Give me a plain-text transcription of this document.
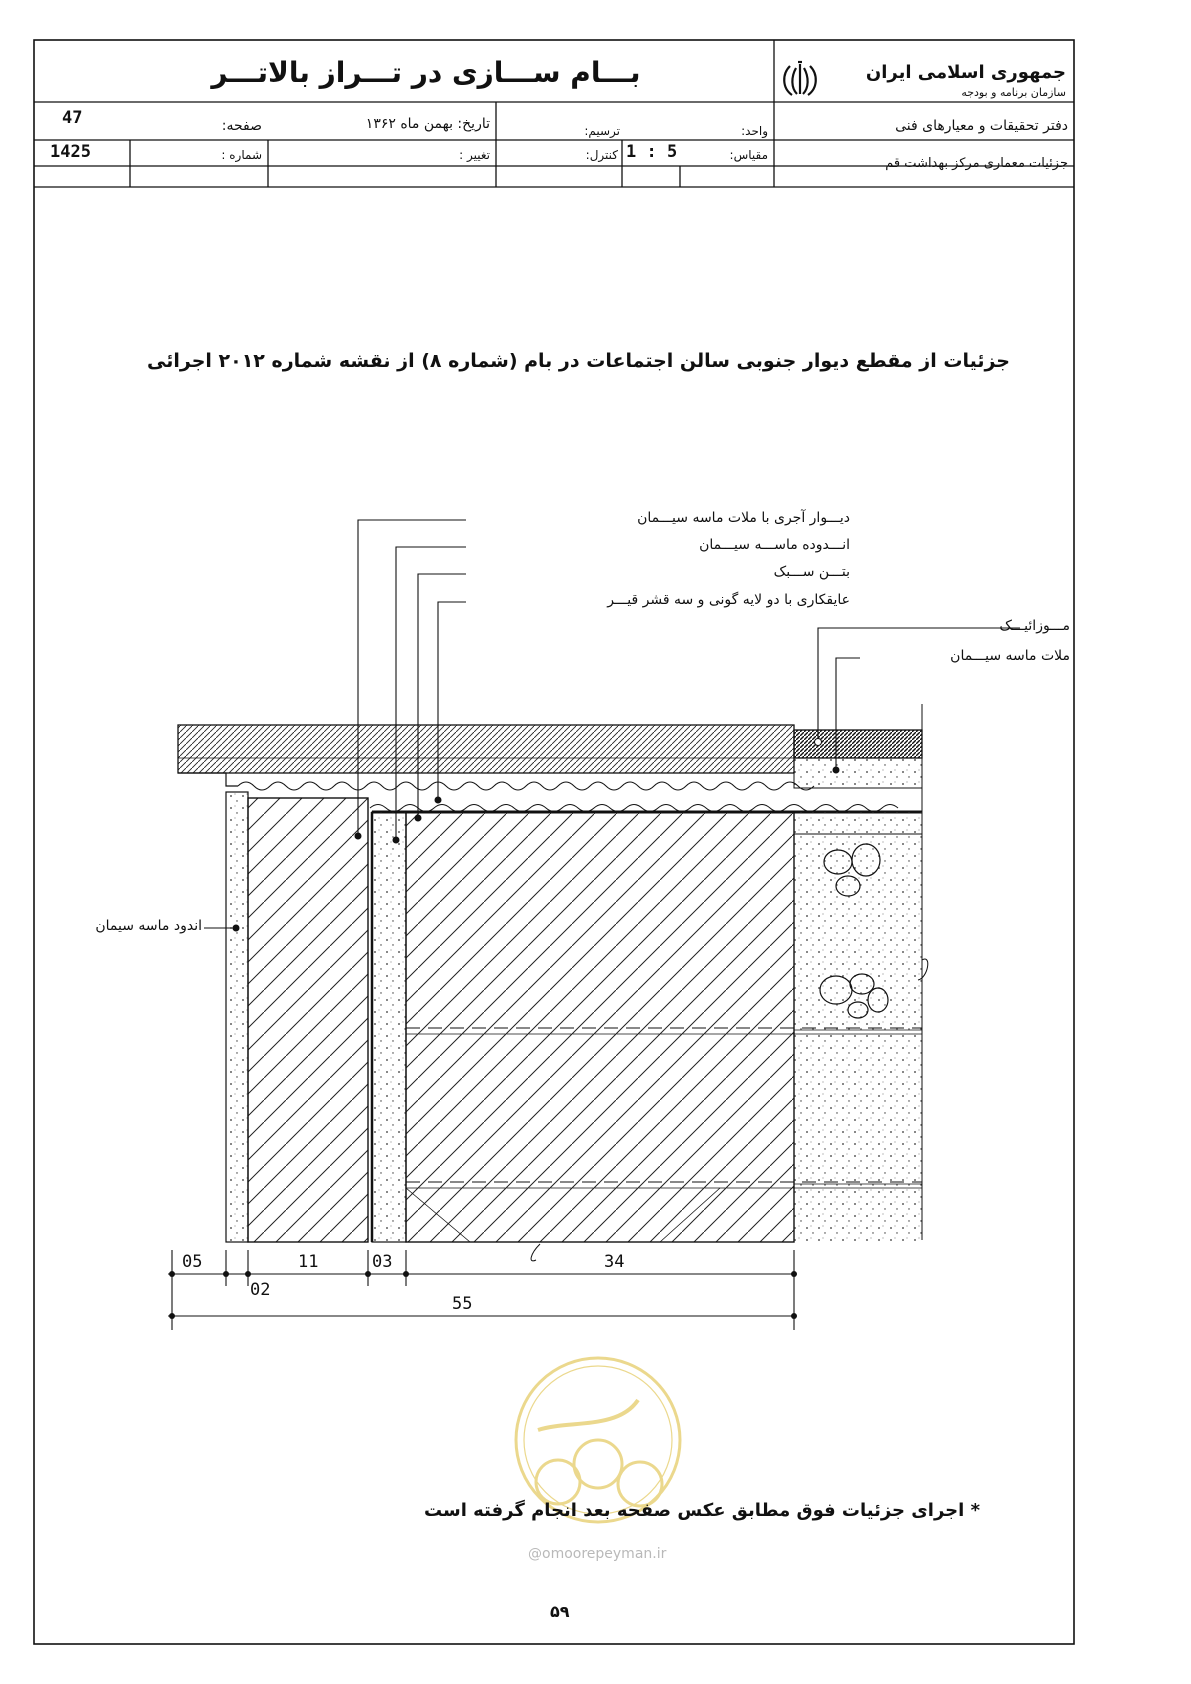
بـــام ســـازی در تـــراز بالاتـــر	جمهوری اسلامی ایران
سازمان برنامه و بودجه
دفتر تحقیقات و معیارهای فنی
جزئیات معماری مرکز بهداشت قم
47	صفحه:	تاریخ: بهمن ماه ۱۳۶۲	ترسیم:	واحد:
1425	شماره :	تغییر :	کنترل: 1 : 5	مقیاس:
جزئیات از مقطع دیوار جنوبی سالن اجتماعات در بام (شماره ۸) از نقشه شماره ۲۰۱۲ اجرائی
دیـــوار آجری با ملات ماسه سیـــمان
انـــدوده ماســـه سیـــمان
بتـــن ســـبک
عایقکاری با دو لایه گونی و سه قشر قیـــر
مـــوزائیـــک
ملات ماسه سیـــمان
اندود ماسه سیمان
05
02
11	03	34
55
* اجرای جزئیات فوق مطابق عکس صفحه بعد انجام گرفته است
@omoorepeyman.ir
۵۹
